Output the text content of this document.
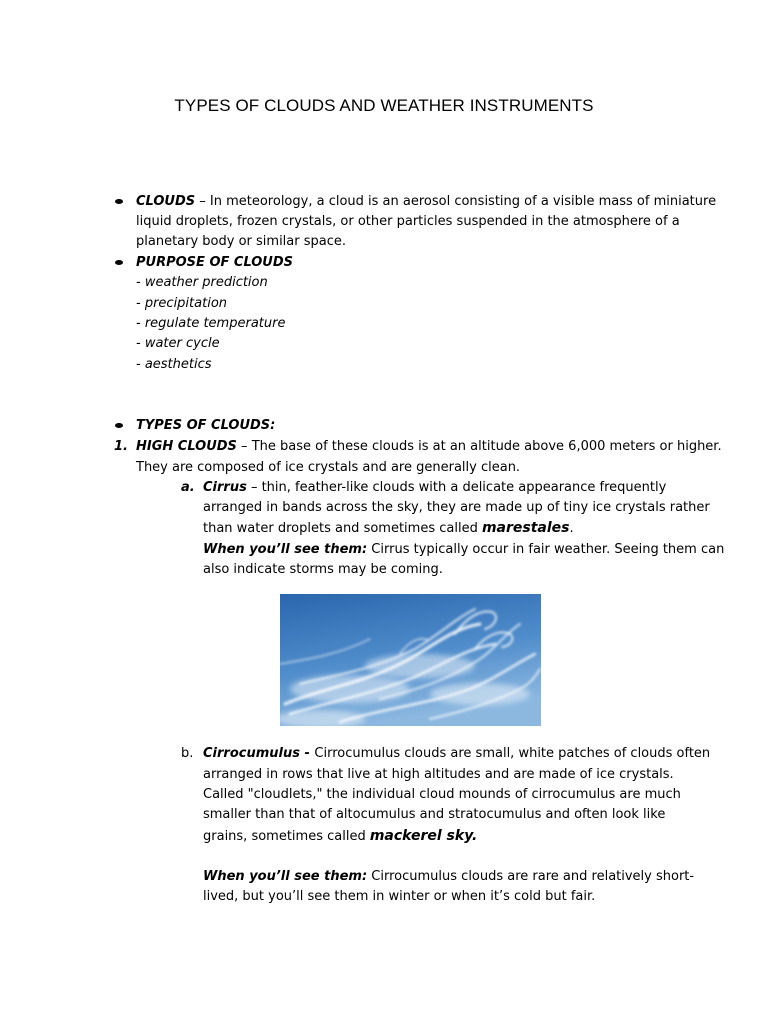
TYPES OF CLOUDS AND WEATHER INSTRUMENTS
CLOUDS – In meteorology, a cloud is an aerosol consisting of a visible mass of miniature
liquid droplets, frozen crystals, or other particles suspended in the atmosphere of a
planetary body or similar space.
PURPOSE OF CLOUDS
- weather prediction
- precipitation
- regulate temperature
- water cycle
- aesthetics
TYPES OF CLOUDS:
1. HIGH CLOUDS – The base of these clouds is at an altitude above 6,000 meters or higher.
They are composed of ice crystals and are generally clean.
a. Cirrus – thin, feather-like clouds with a delicate appearance frequently
arranged in bands across the sky, they are made up of tiny ice crystals rather
than water droplets and sometimes called marestales.
When you’ll see them: Cirrus typically occur in fair weather. Seeing them can
also indicate storms may be coming.
b. Cirrocumulus - Cirrocumulus clouds are small, white patches of clouds often
arranged in rows that live at high altitudes and are made of ice crystals.
Called "cloudlets," the individual cloud mounds of cirrocumulus are much
smaller than that of altocumulus and stratocumulus and often look like
grains, sometimes called mackerel sky.
When you’ll see them: Cirrocumulus clouds are rare and relatively short-
lived, but you’ll see them in winter or when it’s cold but fair.
